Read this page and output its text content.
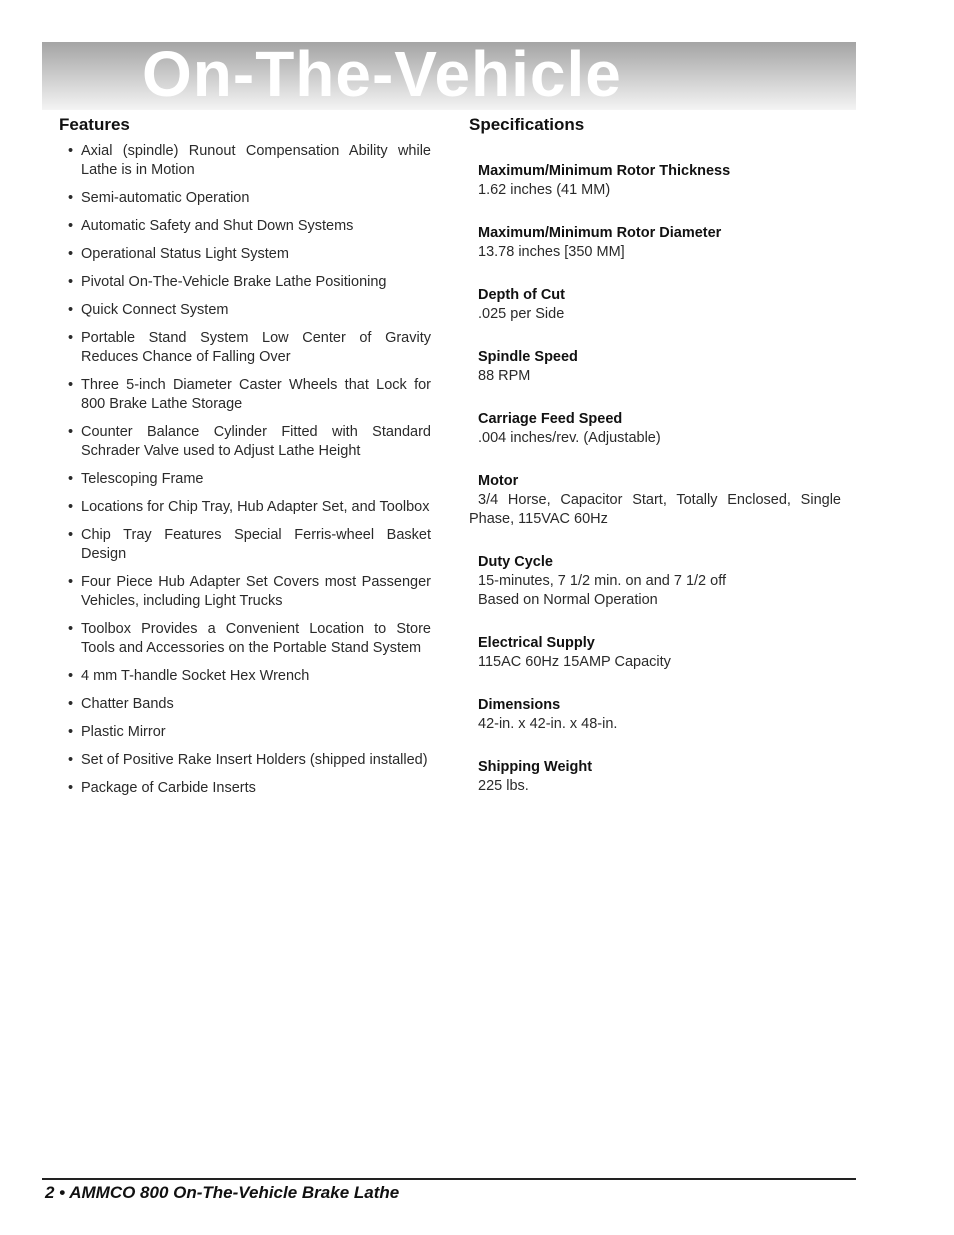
On-The-Vehicle
Features
• Axial (spindle) Runout Compensation Ability while Lathe is in Motion
• Semi-automatic Operation
• Automatic Safety and Shut Down Systems
• Operational Status Light System
• Pivotal On-The-Vehicle Brake Lathe Positioning
• Quick Connect System
• Portable Stand System Low Center of Gravity Reduces Chance of Falling Over
• Three 5-inch Diameter Caster Wheels that Lock for 800 Brake Lathe Storage
• Counter Balance Cylinder Fitted with Standard Schrader Valve used to Adjust Lathe Height
• Telescoping Frame
• Locations for Chip Tray, Hub Adapter Set, and Toolbox
• Chip Tray Features Special Ferris-wheel Basket Design
• Four Piece Hub Adapter Set Covers most Passenger Vehicles, including Light Trucks
• Toolbox Provides a Convenient Location to Store Tools and Accessories on the Portable Stand System
• 4 mm T-handle Socket Hex Wrench
• Chatter Bands
• Plastic Mirror
• Set of Positive Rake Insert Holders (shipped installed)
• Package of Carbide Inserts
Specifications
Maximum/Minimum Rotor Thickness
1.62 inches (41 MM)
Maximum/Minimum Rotor Diameter
13.78 inches [350 MM]
Depth of Cut
.025 per Side
Spindle Speed
88 RPM
Carriage Feed Speed
.004 inches/rev. (Adjustable)
Motor
3/4 Horse, Capacitor Start, Totally Enclosed, Single Phase, 115VAC 60Hz
Duty Cycle
15-minutes, 7 1/2 min. on and 7 1/2 off
Based on Normal Operation
Electrical Supply
115AC 60Hz 15AMP Capacity
Dimensions
42-in. x 42-in. x 48-in.
Shipping Weight
225 lbs.
2 • AMMCO 800 On-The-Vehicle Brake Lathe
